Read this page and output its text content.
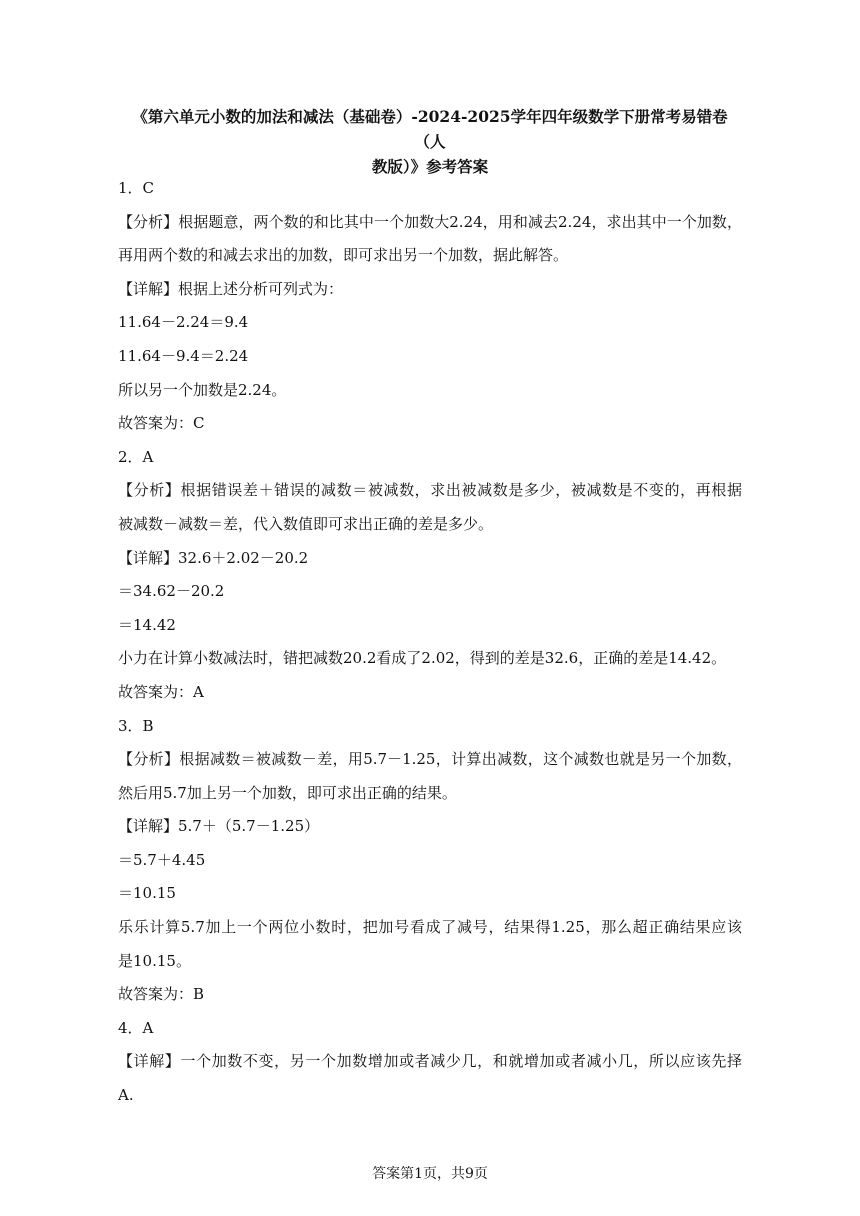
《第六单元小数的加法和减法（基础卷）-2024-2025学年四年级数学下册常考易错卷（人
教版）》参考答案
1．C
【分析】根据题意，两个数的和比其中一个加数大2.24，用和减去2.24，求出其中一个加数，
再用两个数的和减去求出的加数，即可求出另一个加数，据此解答。
【详解】根据上述分析可列式为：
11.64－2.24＝9.4
11.64－9.4＝2.24
所以另一个加数是2.24。
故答案为：C
2．A
【分析】根据错误差＋错误的减数＝被减数，求出被减数是多少，被减数是不变的，再根据
被减数－减数＝差，代入数值即可求出正确的差是多少。
【详解】32.6＋2.02－20.2
＝34.62－20.2
＝14.42
小力在计算小数减法时，错把减数20.2看成了2.02，得到的差是32.6，正确的差是14.42。
故答案为：A
3．B
【分析】根据减数＝被减数－差，用5.7－1.25，计算出减数，这个减数也就是另一个加数，
然后用5.7加上另一个加数，即可求出正确的结果。
【详解】5.7＋（5.7－1.25）
＝5.7＋4.45
＝10.15
乐乐计算5.7加上一个两位小数时，把加号看成了减号，结果得1.25，那么超正确结果应该
是10.15。
故答案为：B
4．A
【详解】一个加数不变，另一个加数增加或者减少几，和就增加或者减小几，所以应该先择
A.
答案第1页，共9页
